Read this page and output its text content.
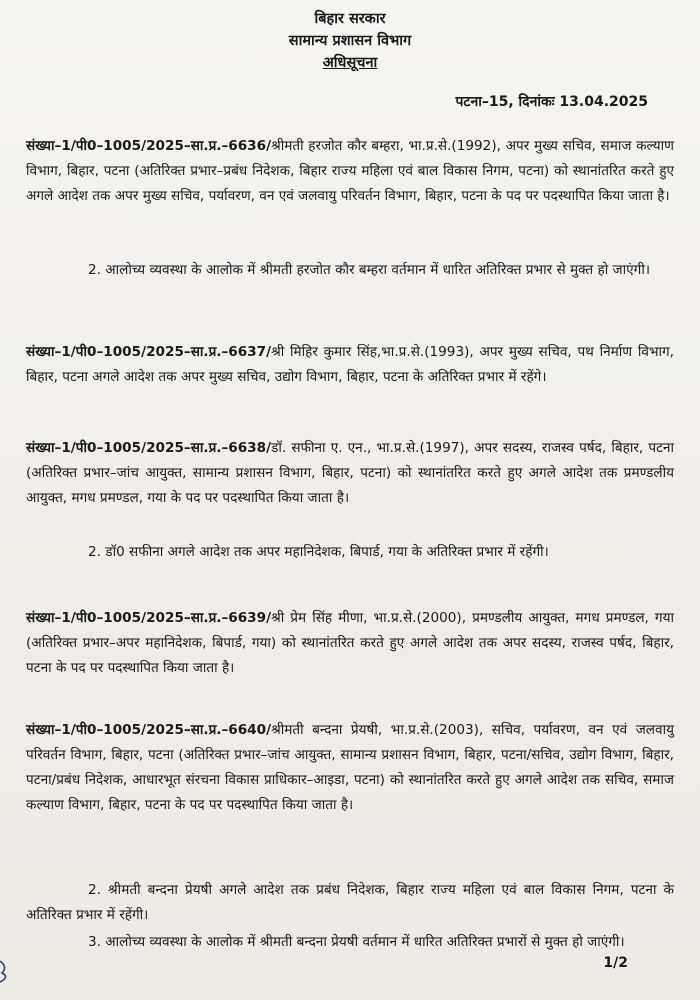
बिहार सरकार
सामान्य प्रशासन विभाग
अधिसूचना
पटना–15, दिनांकः 13.04.2025
संख्या–1/पी0–1005/2025–सा.प्र.–6636/श्रीमती हरजोत कौर बम्हरा, भा.प्र.से.(1992), अपर मुख्य सचिव, समाज कल्याण विभाग, बिहार, पटना (अतिरिक्त प्रभार–प्रबंध निदेशक, बिहार राज्य महिला एवं बाल विकास निगम, पटना) को स्थानांतरित करते हुए अगले आदेश तक अपर मुख्य सचिव, पर्यावरण, वन एवं जलवायु परिवर्तन विभाग, बिहार, पटना के पद पर पदस्थापित किया जाता है।
2. आलोच्य व्यवस्था के आलोक में श्रीमती हरजोत कौर बम्हरा वर्तमान में धारित अतिरिक्त प्रभार से मुक्त हो जाएंगी।
संख्या–1/पी0–1005/2025–सा.प्र.–6637/श्री मिहिर कुमार सिंह,भा.प्र.से.(1993), अपर मुख्य सचिव, पथ निर्माण विभाग, बिहार, पटना अगले आदेश तक अपर मुख्य सचिव, उद्योग विभाग, बिहार, पटना के अतिरिक्त प्रभार में रहेंगे।
संख्या–1/पी0–1005/2025–सा.प्र.–6638/डॉ. सफीना ए. एन., भा.प्र.से.(1997), अपर सदस्य, राजस्व पर्षद, बिहार, पटना (अतिरिक्त प्रभार–जांच आयुक्त, सामान्य प्रशासन विभाग, बिहार, पटना) को स्थानांतरित करते हुए अगले आदेश तक प्रमण्डलीय आयुक्त, मगध प्रमण्डल, गया के पद पर पदस्थापित किया जाता है।
2. डॉ0 सफीना अगले आदेश तक अपर महानिदेशक, बिपार्ड, गया के अतिरिक्त प्रभार में रहेंगी।
संख्या–1/पी0–1005/2025–सा.प्र.–6639/श्री प्रेम सिंह मीणा, भा.प्र.से.(2000), प्रमण्डलीय आयुक्त, मगध प्रमण्डल, गया (अतिरिक्त प्रभार–अपर महानिदेशक, बिपार्ड, गया) को स्थानांतरित करते हुए अगले आदेश तक अपर सदस्य, राजस्व पर्षद, बिहार, पटना के पद पर पदस्थापित किया जाता है।
संख्या–1/पी0–1005/2025–सा.प्र.–6640/श्रीमती बन्दना प्रेयषी, भा.प्र.से.(2003), सचिव, पर्यावरण, वन एवं जलवायु परिवर्तन विभाग, बिहार, पटना (अतिरिक्त प्रभार–जांच आयुक्त, सामान्य प्रशासन विभाग, बिहार, पटना/सचिव, उद्योग विभाग, बिहार, पटना/प्रबंध निदेशक, आधारभूत संरचना विकास प्राधिकार–आइडा, पटना) को स्थानांतरित करते हुए अगले आदेश तक सचिव, समाज कल्याण विभाग, बिहार, पटना के पद पर पदस्थापित किया जाता है।
2. श्रीमती बन्दना प्रेयषी अगले आदेश तक प्रबंध निदेशक, बिहार राज्य महिला एवं बाल विकास निगम, पटना के अतिरिक्त प्रभार में रहेंगी।
3. आलोच्य व्यवस्था के आलोक में श्रीमती बन्दना प्रेयषी वर्तमान में धारित अतिरिक्त प्रभारों से मुक्त हो जाएंगी।
1/2
